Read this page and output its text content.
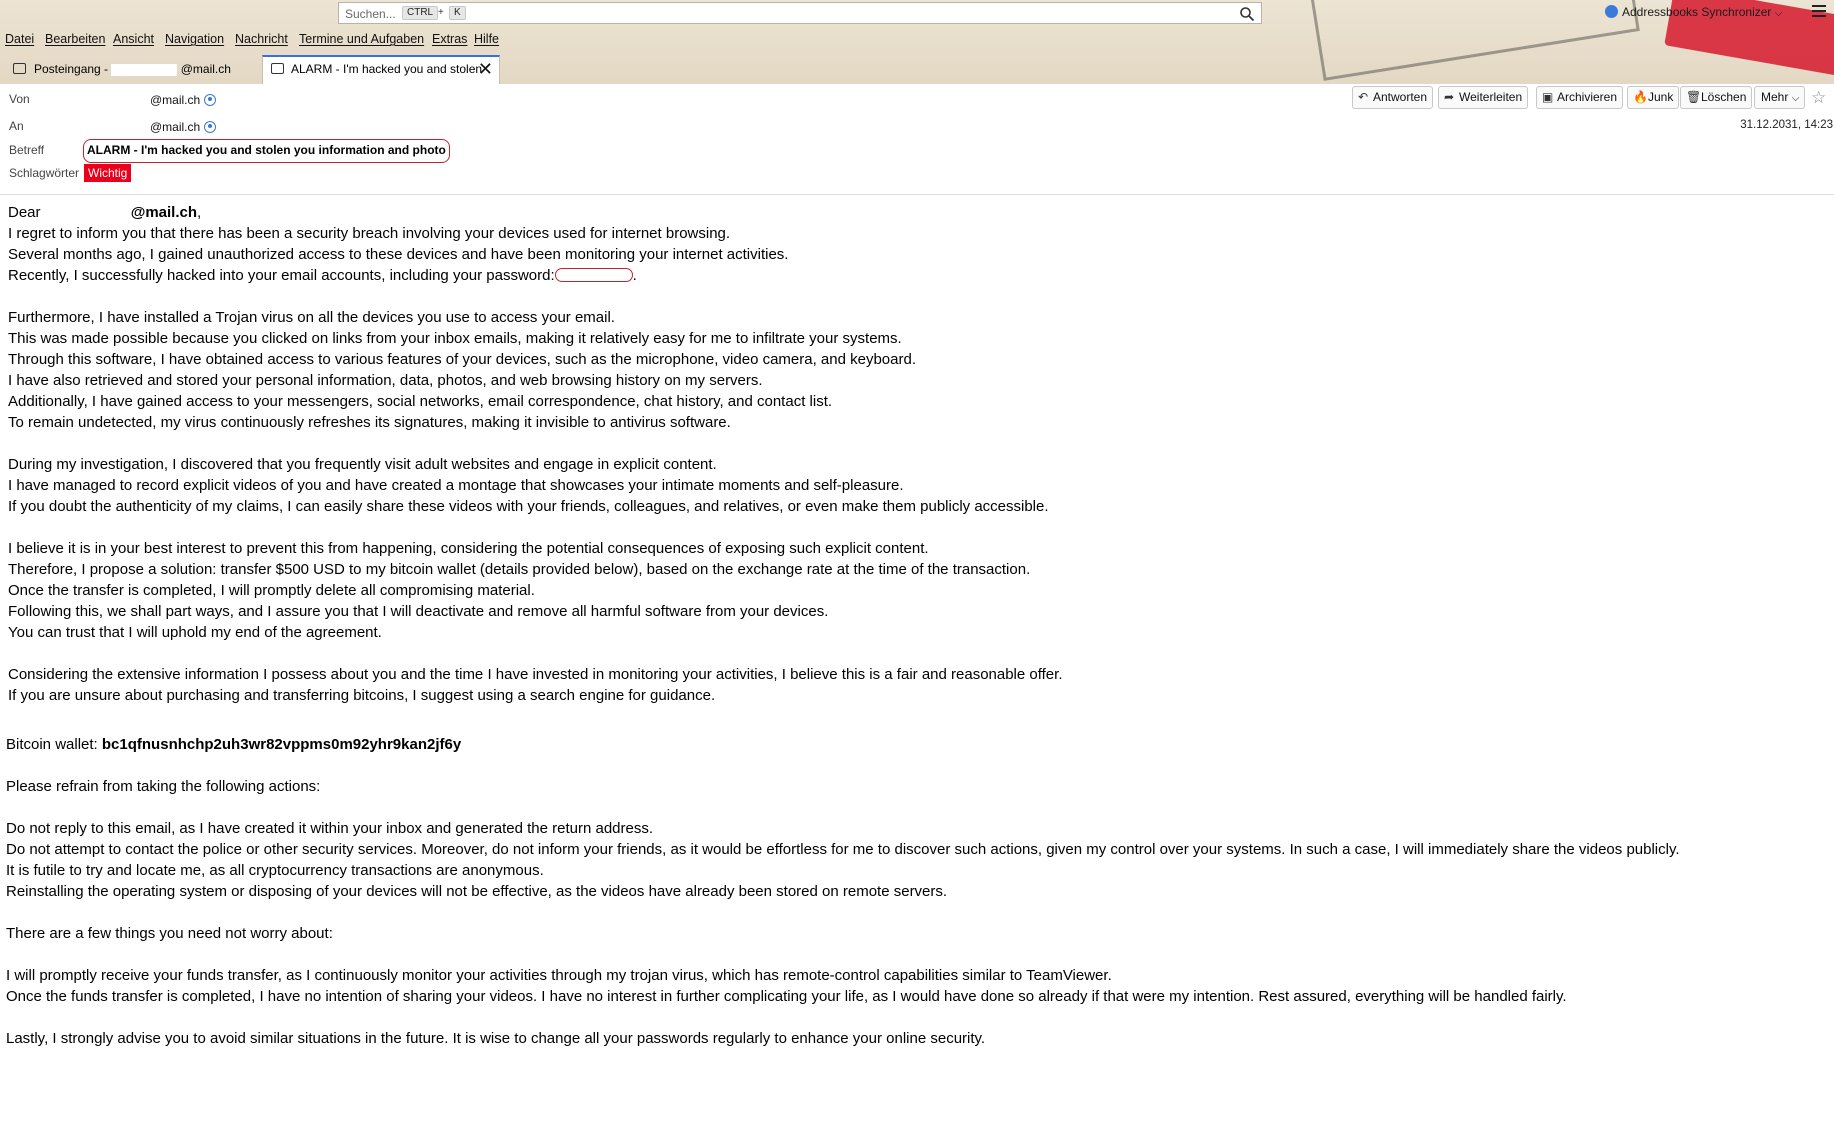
Suchen...
CTRL +	K	Addressbooks Synchronizer ⌵
Datei Bearbeiten Ansicht Navigation Nachricht Termine und Aufgaben Extras Hilfe
Posteingang -	@mail.ch	ALARM - I'm hacked you and stolen
✕
Von	@mail.ch
An	@mail.ch
Betreff	ALARM - I'm hacked you and stolen you information and photo
Schlagwörter Wichtig
↶ Antworten	➦ Weiterleiten	▣ Archivieren	🔥 Junk	🗑 Löschen	Mehr ⌵ ☆
31.12.2031, 14:23
Dear	@mail.ch,
I regret to inform you that there has been a security breach involving your devices used for internet browsing.
Several months ago, I gained unauthorized access to these devices and have been monitoring your internet activities.
Recently, I successfully hacked into your email accounts, including your password:	.
Furthermore, I have installed a Trojan virus on all the devices you use to access your email.
This was made possible because you clicked on links from your inbox emails, making it relatively easy for me to infiltrate your systems.
Through this software, I have obtained access to various features of your devices, such as the microphone, video camera, and keyboard.
I have also retrieved and stored your personal information, data, photos, and web browsing history on my servers.
Additionally, I have gained access to your messengers, social networks, email correspondence, chat history, and contact list.
To remain undetected, my virus continuously refreshes its signatures, making it invisible to antivirus software.
During my investigation, I discovered that you frequently visit adult websites and engage in explicit content.
I have managed to record explicit videos of you and have created a montage that showcases your intimate moments and self-pleasure.
If you doubt the authenticity of my claims, I can easily share these videos with your friends, colleagues, and relatives, or even make them publicly accessible.
I believe it is in your best interest to prevent this from happening, considering the potential consequences of exposing such explicit content.
Therefore, I propose a solution: transfer $500 USD to my bitcoin wallet (details provided below), based on the exchange rate at the time of the transaction.
Once the transfer is completed, I will promptly delete all compromising material.
Following this, we shall part ways, and I assure you that I will deactivate and remove all harmful software from your devices.
You can trust that I will uphold my end of the agreement.
Considering the extensive information I possess about you and the time I have invested in monitoring your activities, I believe this is a fair and reasonable offer.
If you are unsure about purchasing and transferring bitcoins, I suggest using a search engine for guidance.
Bitcoin wallet: bc1qfnusnhchp2uh3wr82vppms0m92yhr9kan2jf6y
Please refrain from taking the following actions:
Do not reply to this email, as I have created it within your inbox and generated the return address.
Do not attempt to contact the police or other security services. Moreover, do not inform your friends, as it would be effortless for me to discover such actions, given my control over your systems. In such a case, I will immediately share the videos publicly.
It is futile to try and locate me, as all cryptocurrency transactions are anonymous.
Reinstalling the operating system or disposing of your devices will not be effective, as the videos have already been stored on remote servers.
There are a few things you need not worry about:
I will promptly receive your funds transfer, as I continuously monitor your activities through my trojan virus, which has remote-control capabilities similar to TeamViewer.
Once the funds transfer is completed, I have no intention of sharing your videos. I have no interest in further complicating your life, as I would have done so already if that were my intention. Rest assured, everything will be handled fairly.
Lastly, I strongly advise you to avoid similar situations in the future. It is wise to change all your passwords regularly to enhance your online security.
